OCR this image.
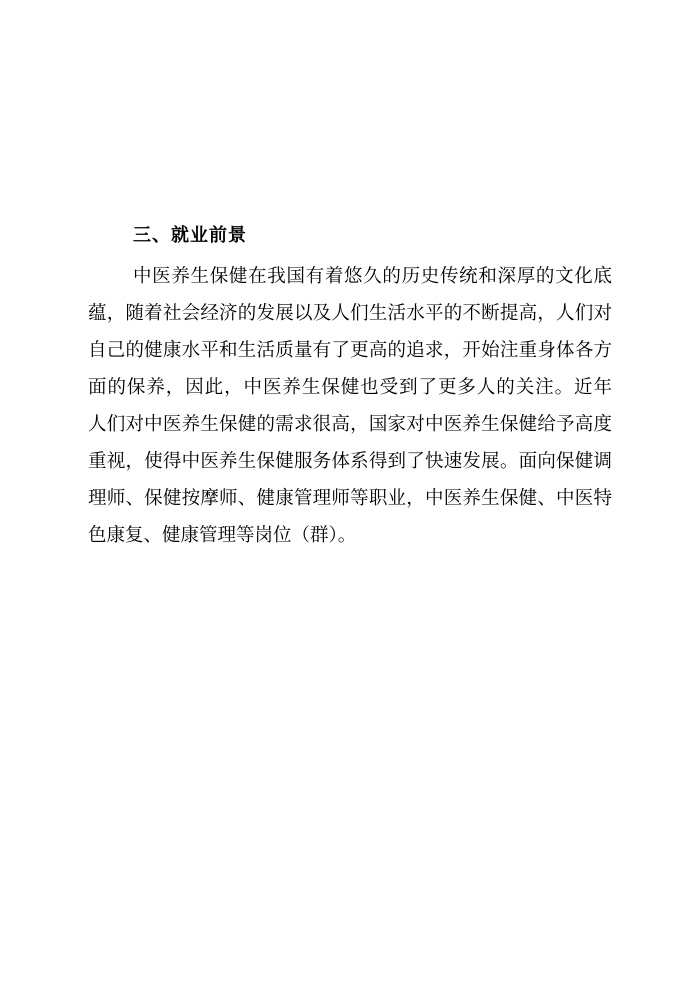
三、就业前景
中医养生保健在我国有着悠久的历史传统和深厚的文化底
蕴，随着社会经济的发展以及人们生活水平的不断提高，人们对
自己的健康水平和生活质量有了更高的追求，开始注重身体各方
面的保养，因此，中医养生保健也受到了更多人的关注。近年
人们对中医养生保健的需求很高，国家对中医养生保健给予高度
重视，使得中医养生保健服务体系得到了快速发展。面向保健调
理师、保健按摩师、健康管理师等职业，中医养生保健、中医特
色康复、健康管理等岗位（群）。
